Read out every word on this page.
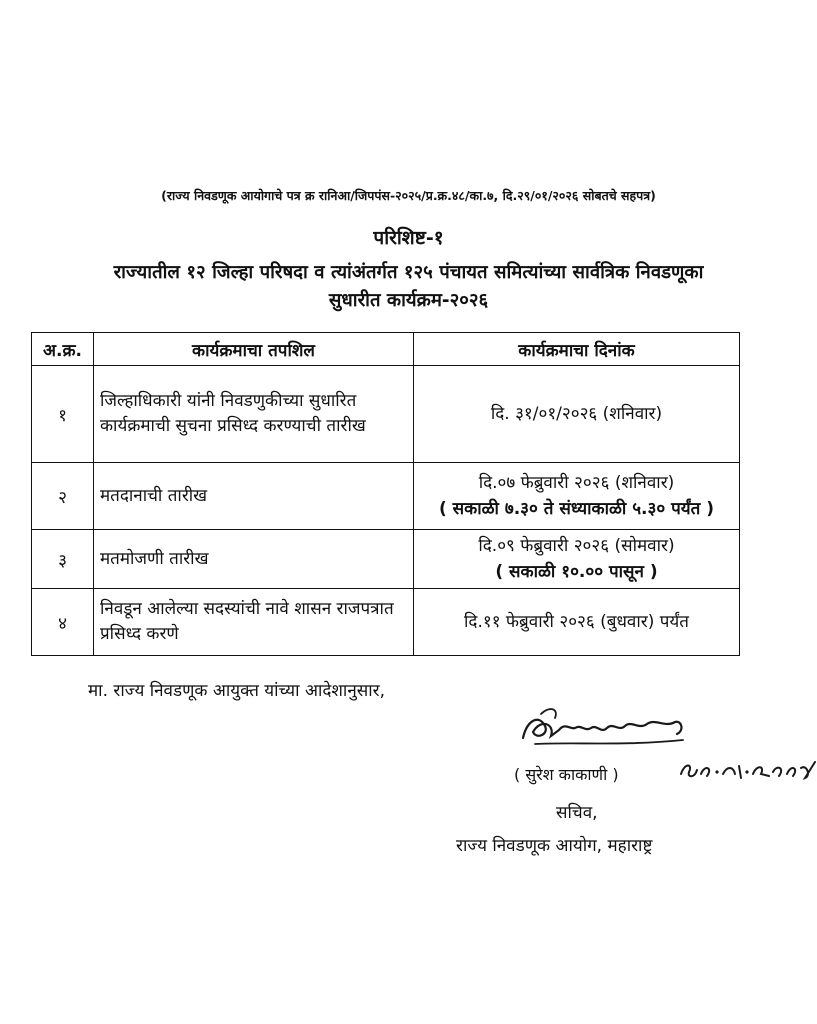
(राज्य निवडणूक आयोगाचे पत्र क्र रानिआ/जिपपंस-२०२५/प्र.क्र.४८/का.७, दि.२९/०१/२०२६ सोबतचे सहपत्र)
परिशिष्ट-१
राज्यातील १२ जिल्हा परिषदा व त्यांअंतर्गत १२५ पंचायत समित्यांच्या सार्वत्रिक निवडणूका
सुधारीत कार्यक्रम-२०२६
अ.क्र.	कार्यक्रमाचा तपशिल	कार्यक्रमाचा दिनांक
१	जिल्हाधिकारी यांनी निवडणुकीच्या सुधारित कार्यक्रमाची सुचना प्रसिध्द करण्याची तारीख	दि. ३१/०१/२०२६ (शनिवार)
२	मतदानाची तारीख	दि.०७ फेब्रुवारी २०२६ (शनिवार)
( सकाळी ७.३० ते संध्याकाळी ५.३० पर्यंत )

३	मतमोजणी तारीख	दि.०९ फेब्रुवारी २०२६ (सोमवार)
( सकाळी १०.०० पासून )

४	निवडून आलेल्या सदस्यांची नावे शासन राजपत्रात प्रसिध्द करणे	दि.११ फेब्रुवारी २०२६ (बुधवार) पर्यंत
मा. राज्य निवडणूक आयुक्त यांच्या आदेशानुसार,
( सुरेश काकाणी )
सचिव,
राज्य निवडणूक आयोग, महाराष्ट्र
